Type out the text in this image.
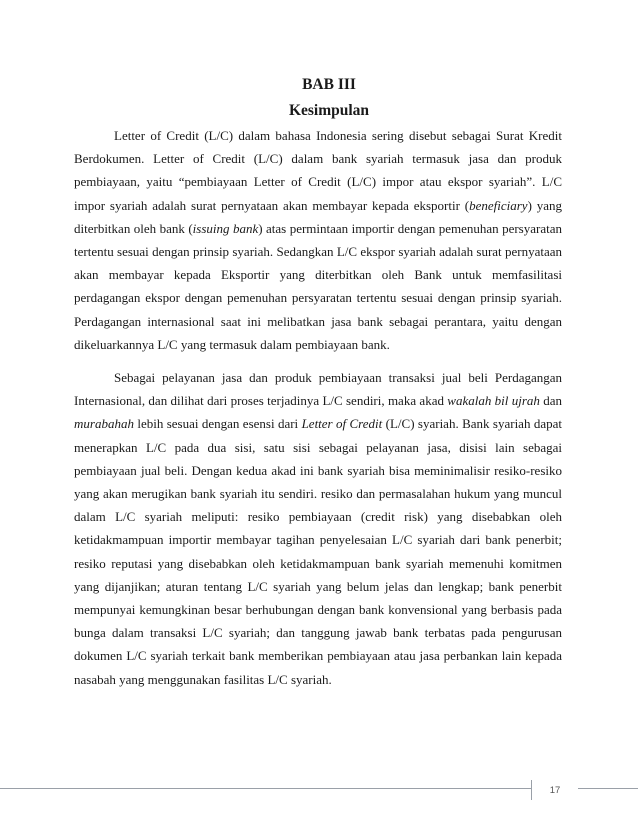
BAB III
Kesimpulan

Letter of Credit (L/C) dalam bahasa Indonesia sering disebut sebagai Surat Kredit Berdokumen. Letter of Credit (L/C) dalam bank syariah termasuk jasa dan produk pembiayaan, yaitu “pembiayaan Letter of Credit (L/C) impor atau ekspor syariah”. L/C impor syariah adalah surat pernyataan akan membayar kepada eksportir (beneficiary) yang diterbitkan oleh bank (issuing bank) atas permintaan importir dengan pemenuhan persyaratan tertentu sesuai dengan prinsip syariah. Sedangkan L/C ekspor syariah adalah surat pernyataan akan membayar kepada Eksportir yang diterbitkan oleh Bank untuk memfasilitasi perdagangan ekspor dengan pemenuhan persyaratan tertentu sesuai dengan prinsip syariah. Perdagangan internasional saat ini melibatkan jasa bank sebagai perantara, yaitu dengan dikeluarkannya L/C yang termasuk dalam pembiayaan bank.

Sebagai pelayanan jasa dan produk pembiayaan transaksi jual beli Perdagangan Internasional, dan dilihat dari proses terjadinya L/C sendiri, maka akad wakalah bil ujrah dan murabahah lebih sesuai dengan esensi dari Letter of Credit (L/C) syariah. Bank syariah dapat menerapkan L/C pada dua sisi, satu sisi sebagai pelayanan jasa, disisi lain sebagai pembiayaan jual beli. Dengan kedua akad ini bank syariah bisa meminimalisir resiko-resiko yang akan merugikan bank syariah itu sendiri. resiko dan permasalahan hukum yang muncul dalam L/C syariah meliputi: resiko pembiayaan (credit risk) yang disebabkan oleh ketidakmampuan importir membayar tagihan penyelesaian L/C syariah dari bank penerbit; resiko reputasi yang disebabkan oleh ketidakmampuan bank syariah memenuhi komitmen yang dijanjikan; aturan tentang L/C syariah yang belum jelas dan lengkap; bank penerbit mempunyai kemungkinan besar berhubungan dengan bank konvensional yang berbasis pada bunga dalam transaksi L/C syariah; dan tanggung jawab bank terbatas pada pengurusan dokumen L/C syariah terkait bank memberikan pembiayaan atau jasa perbankan lain kepada nasabah yang menggunakan fasilitas L/C syariah.

17
